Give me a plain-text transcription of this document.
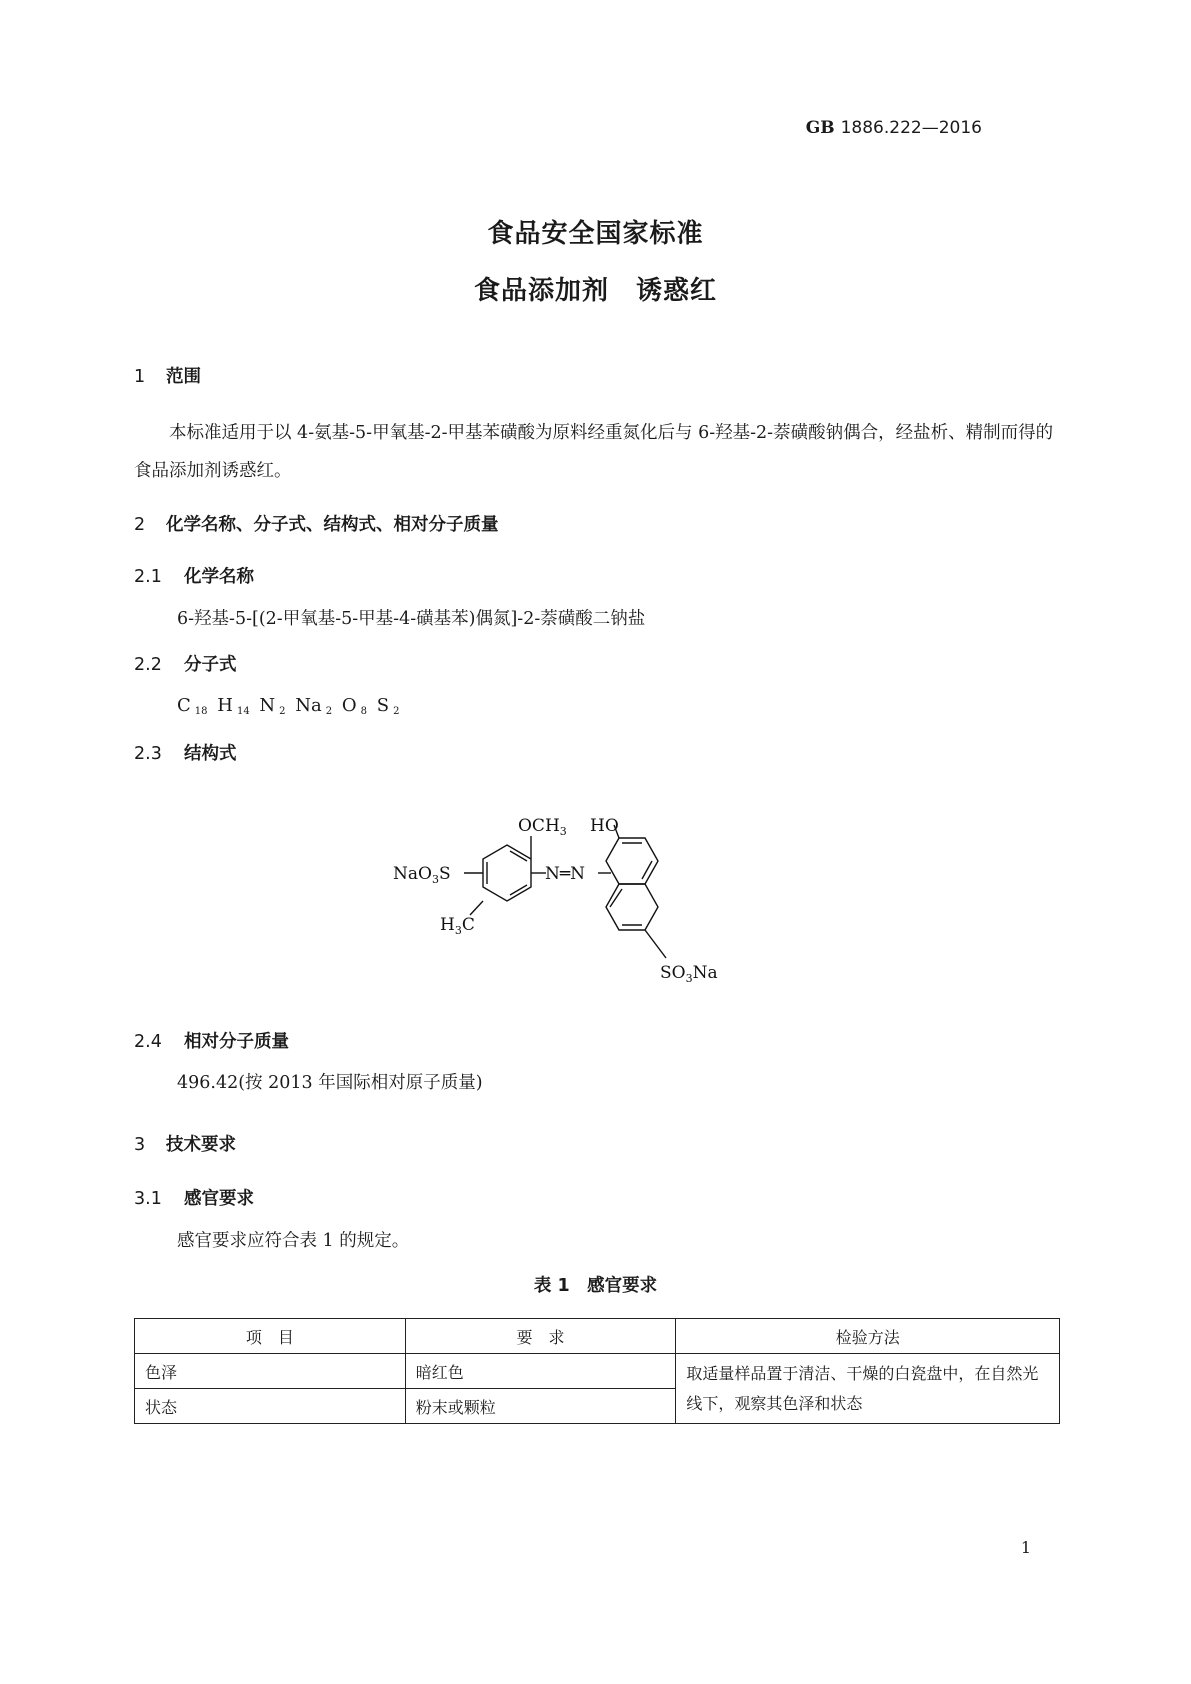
GB 1886.222—2016
食品安全国家标准
食品添加剂　诱惑红
1 范围
本标准适用于以 4-氨基-5-甲氧基-2-甲基苯磺酸为原料经重氮化后与 6-羟基-2-萘磺酸钠偶合，经盐析、精制而得的食品添加剂诱惑红。
2 化学名称、分子式、结构式、相对分子质量
2.1 化学名称
6-羟基-5-[(2-甲氧基-5-甲基-4-磺基苯)偶氮]-2-萘磺酸二钠盐
2.2 分子式
C $_{18}$ H $_{14}$ N $_2$ Na $_2$ O $_8$ S $_2$
2.3 结构式
$OCH_3$ HO
NaO$_3$S	N═N
$H_3C$
$SO_3Na$
2.4 相对分子质量
496.42(按 2013 年国际相对原子质量)
3 技术要求
3.1 感官要求
感官要求应符合表 1 的规定。
表 1　感官要求
项　目	要　求	检验方法
色泽	暗红色	取适量样品置于清洁、干燥的白瓷盘中，在自然光线下，观察其色泽和状态
状态	粉末或颗粒	
1
